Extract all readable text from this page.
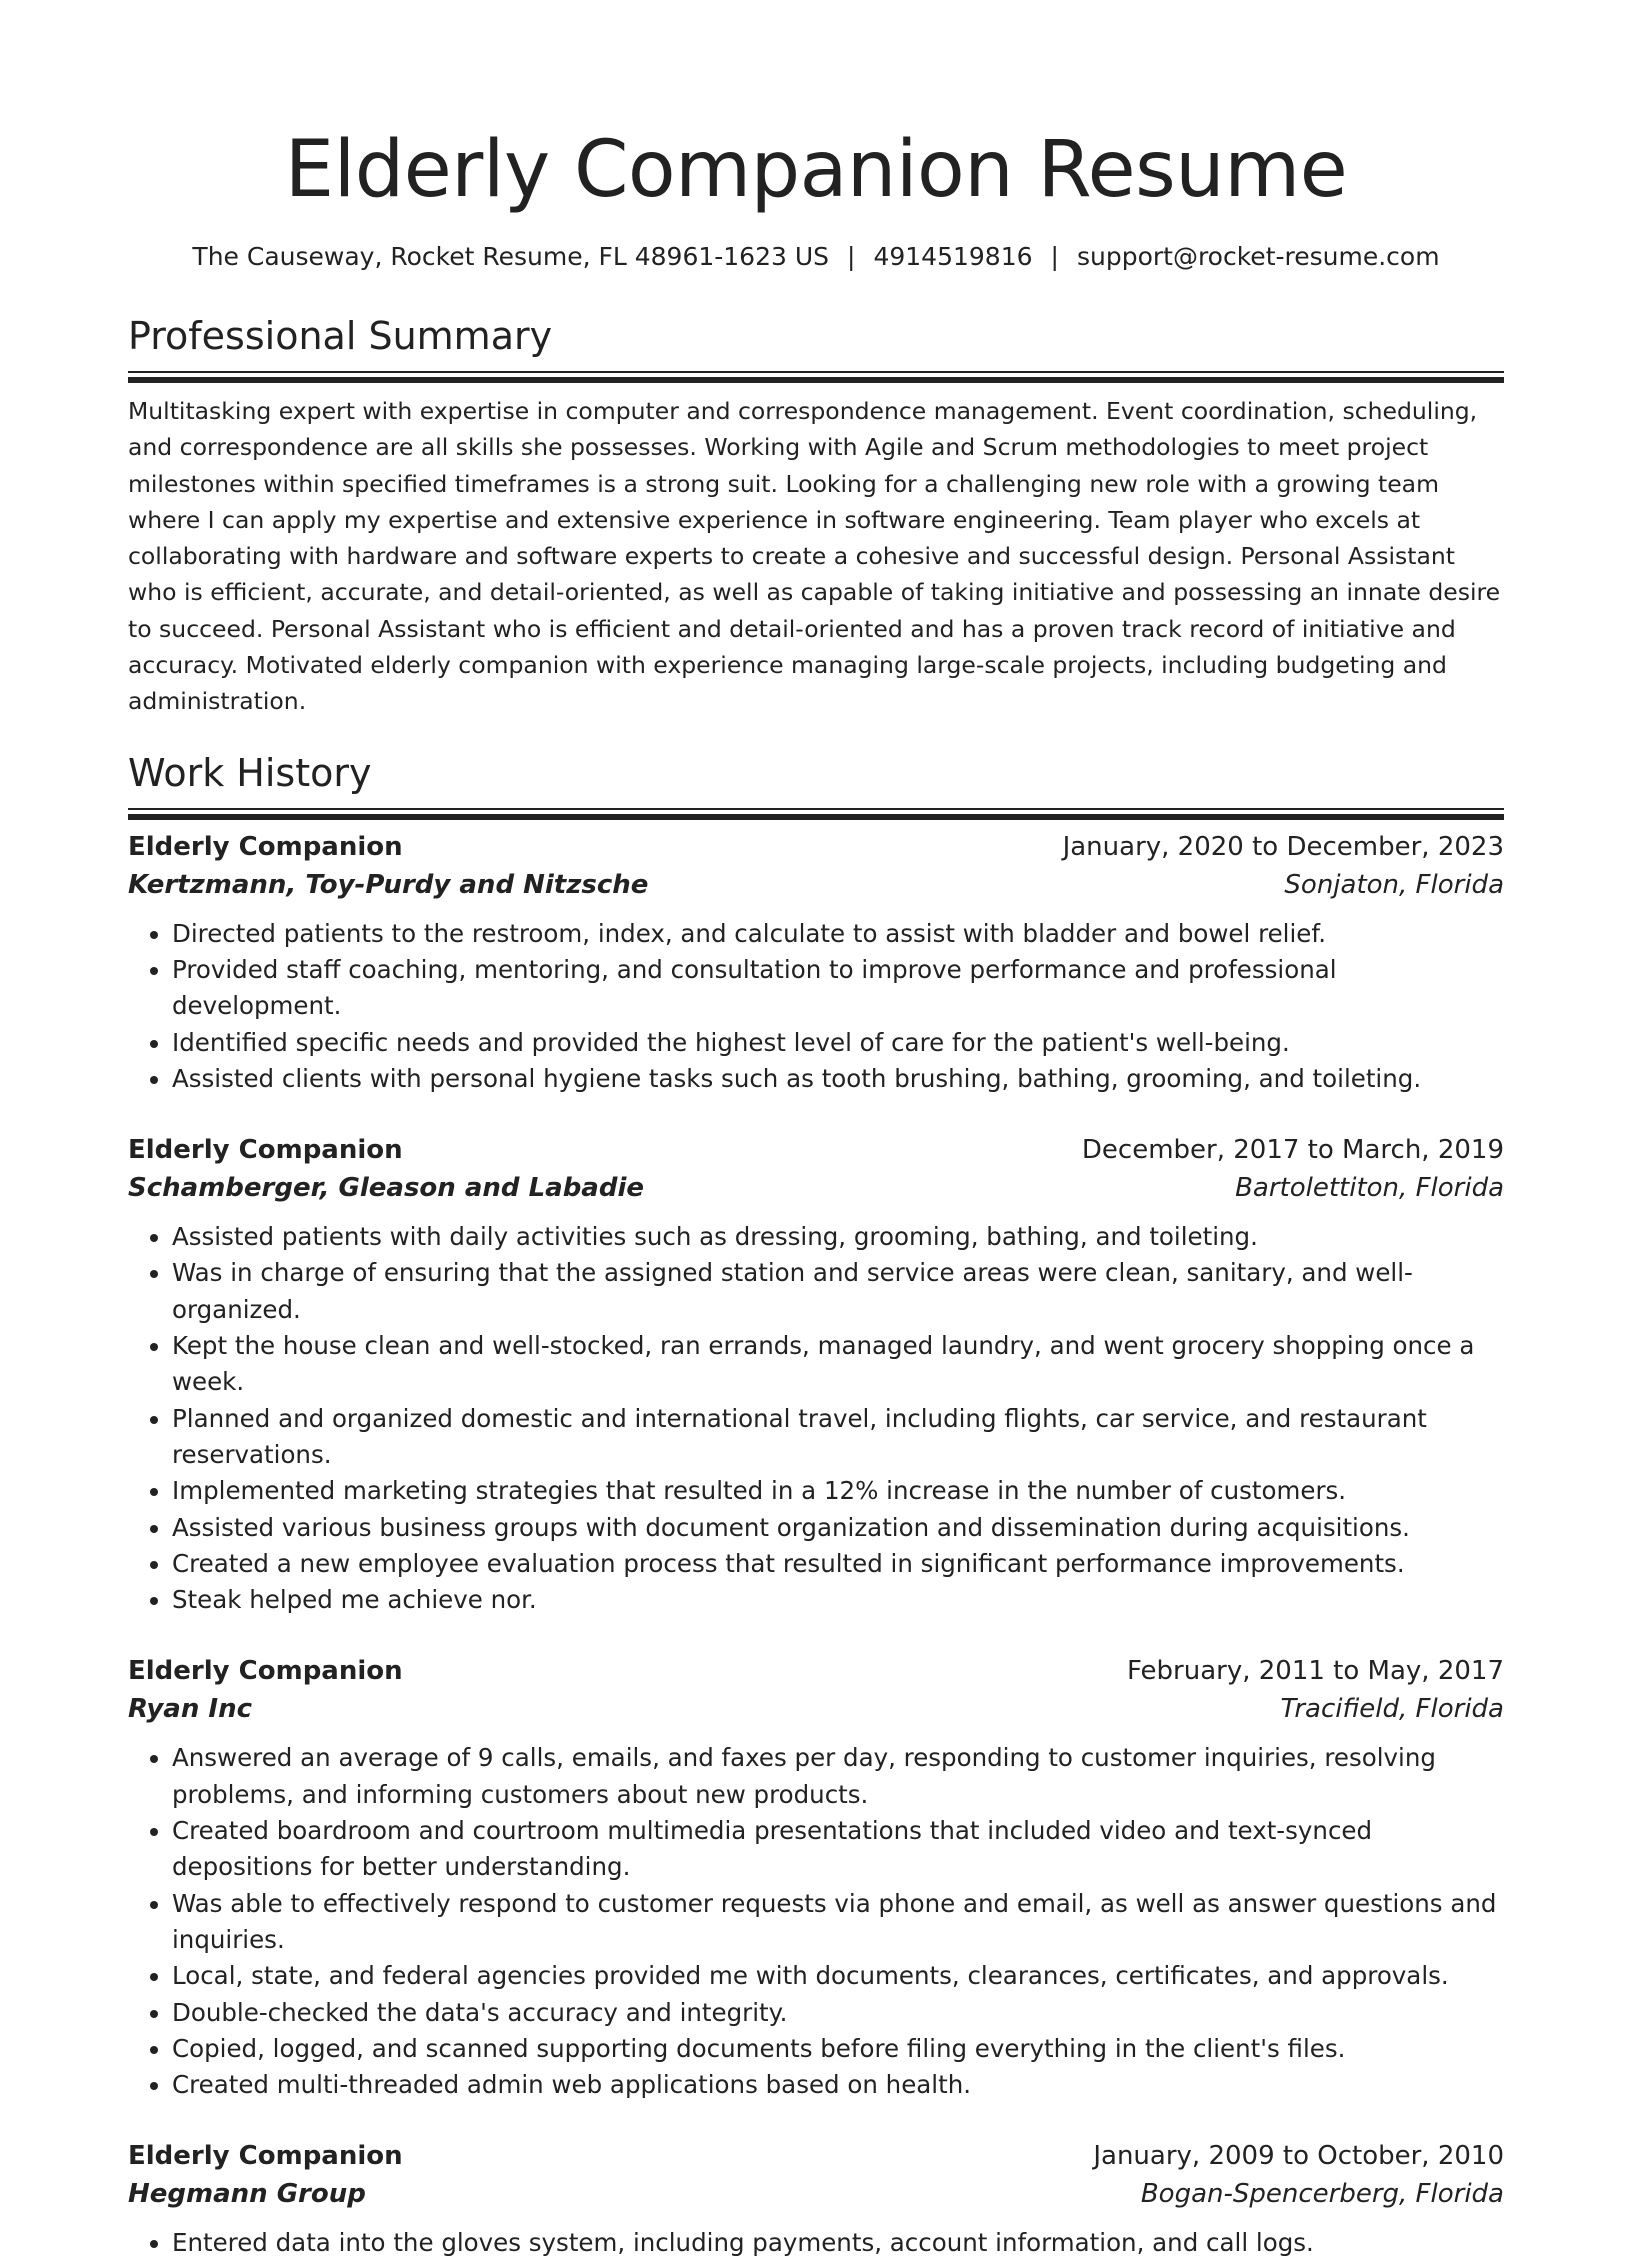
Elderly Companion Resume
The Causeway, Rocket Resume, FL 48961-1623 US | 4914519816 | support@rocket-resume.com
Professional Summary

Multitasking expert with expertise in computer and correspondence management. Event coordination, scheduling, and correspondence are all skills she possesses. Working with Agile and Scrum methodologies to meet project milestones within specified timeframes is a strong suit. Looking for a challenging new role with a growing team where I can apply my expertise and extensive experience in software engineering. Team player who excels at collaborating with hardware and software experts to create a cohesive and successful design. Personal Assistant who is efficient, accurate, and detail-oriented, as well as capable of taking initiative and possessing an innate desire to succeed. Personal Assistant who is efficient and detail-oriented and has a proven track record of initiative and accuracy. Motivated elderly companion with experience managing large-scale projects, including budgeting and administration.

Work History
Elderly Companion	January, 2020 to December, 2023
Kertzmann, Toy-Purdy and Nitzsche	Sonjaton, Florida
• Directed patients to the restroom, index, and calculate to assist with bladder and bowel relief.
• Provided staff coaching, mentoring, and consultation to improve performance and professional development.
• Identified specific needs and provided the highest level of care for the patient's well-being.
• Assisted clients with personal hygiene tasks such as tooth brushing, bathing, grooming, and toileting.
Elderly Companion	December, 2017 to March, 2019
Schamberger, Gleason and Labadie	Bartolettiton, Florida
• Assisted patients with daily activities such as dressing, grooming, bathing, and toileting.
• Was in charge of ensuring that the assigned station and service areas were clean, sanitary, and well-organized.
• Kept the house clean and well-stocked, ran errands, managed laundry, and went grocery shopping once a week.
• Planned and organized domestic and international travel, including flights, car service, and restaurant reservations.
• Implemented marketing strategies that resulted in a 12% increase in the number of customers.
• Assisted various business groups with document organization and dissemination during acquisitions.
• Created a new employee evaluation process that resulted in significant performance improvements.
• Steak helped me achieve nor.
Elderly Companion	February, 2011 to May, 2017
Ryan Inc	Tracifield, Florida
• Answered an average of 9 calls, emails, and faxes per day, responding to customer inquiries, resolving problems, and informing customers about new products.
• Created boardroom and courtroom multimedia presentations that included video and text-synced depositions for better understanding.
• Was able to effectively respond to customer requests via phone and email, as well as answer questions and inquiries.
• Local, state, and federal agencies provided me with documents, clearances, certificates, and approvals.
• Double-checked the data's accuracy and integrity.
• Copied, logged, and scanned supporting documents before filing everything in the client's files.
• Created multi-threaded admin web applications based on health.
Elderly Companion	January, 2009 to October, 2010
Hegmann Group	Bogan-Spencerberg, Florida
• Entered data into the gloves system, including payments, account information, and call logs.
